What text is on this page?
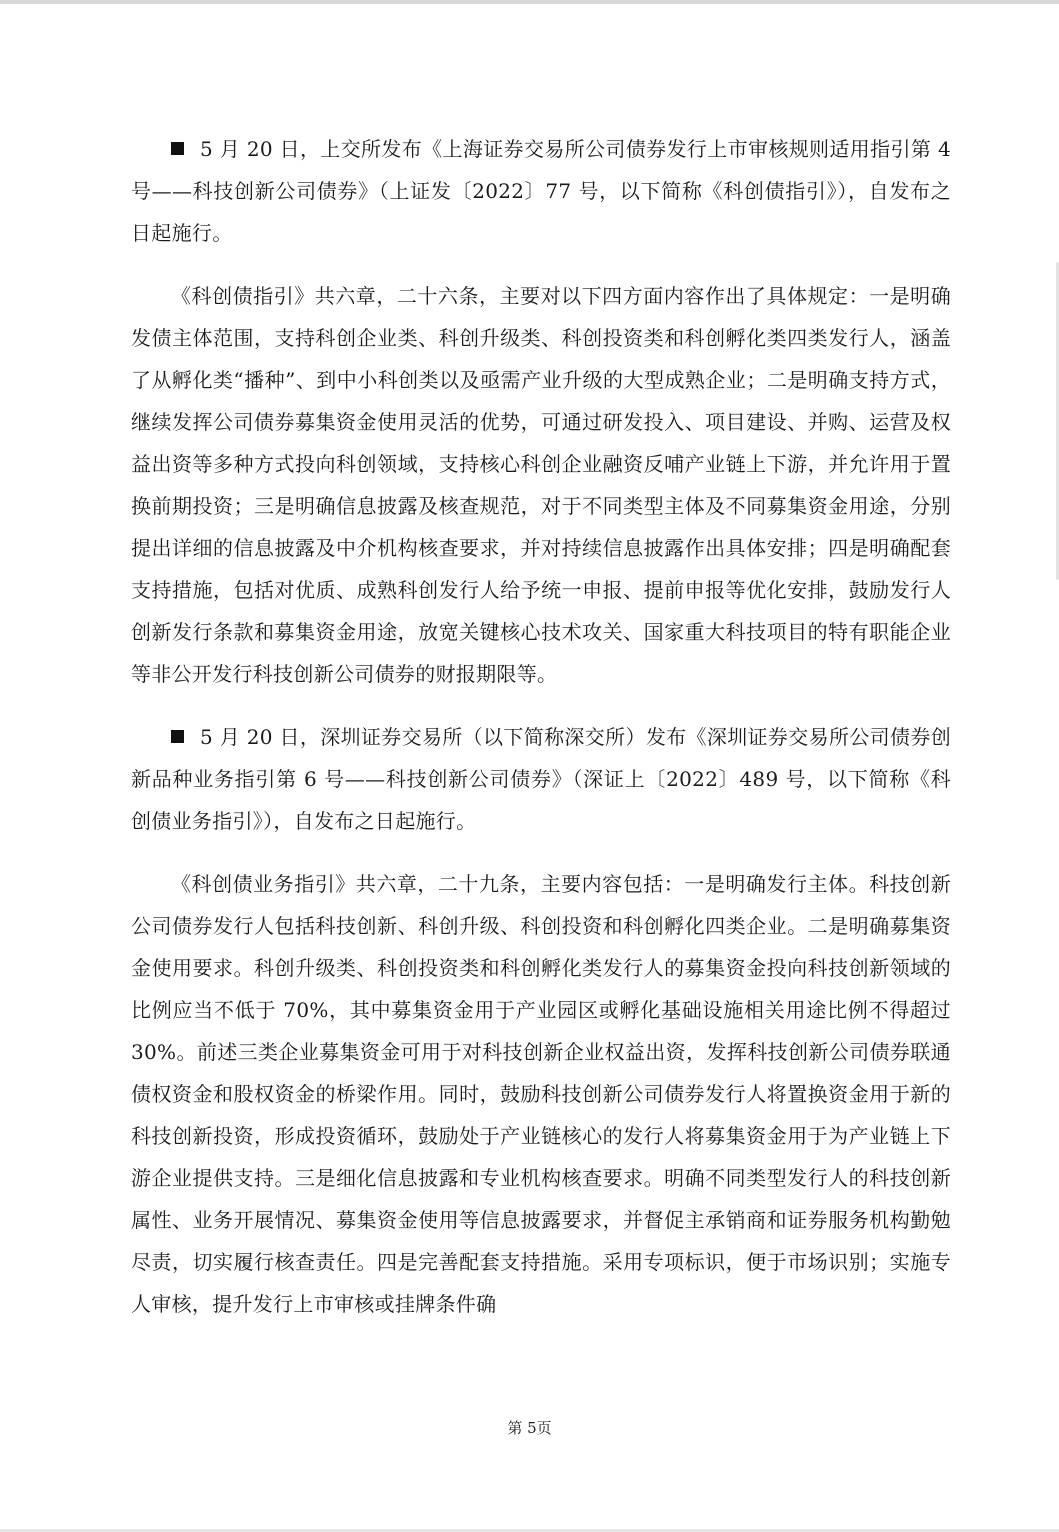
5 月 20 日，上交所发布《上海证券交易所公司债券发行上市审核规则适用指引第 4 号——科技创新公司债券》（上证发〔2022〕77 号，以下简称《科创债指引》），自发布之日起施行。

《科创债指引》共六章，二十六条，主要对以下四方面内容作出了具体规定：一是明确发债主体范围，支持科创企业类、科创升级类、科创投资类和科创孵化类四类发行人，涵盖了从孵化类“播种”、到中小科创类以及亟需产业升级的大型成熟企业；二是明确支持方式，继续发挥公司债券募集资金使用灵活的优势，可通过研发投入、项目建设、并购、运营及权益出资等多种方式投向科创领域，支持核心科创企业融资反哺产业链上下游，并允许用于置换前期投资；三是明确信息披露及核查规范，对于不同类型主体及不同募集资金用途，分别提出详细的信息披露及中介机构核查要求，并对持续信息披露作出具体安排；四是明确配套支持措施，包括对优质、成熟科创发行人给予统一申报、提前申报等优化安排，鼓励发行人创新发行条款和募集资金用途，放宽关键核心技术攻关、国家重大科技项目的特有职能企业等非公开发行科技创新公司债券的财报期限等。

5 月 20 日，深圳证券交易所（以下简称深交所）发布《深圳证券交易所公司债券创新品种业务指引第 6 号——科技创新公司债券》（深证上〔2022〕489 号，以下简称《科创债业务指引》），自发布之日起施行。

《科创债业务指引》共六章，二十九条，主要内容包括：一是明确发行主体。科技创新公司债券发行人包括科技创新、科创升级、科创投资和科创孵化四类企业。二是明确募集资金使用要求。科创升级类、科创投资类和科创孵化类发行人的募集资金投向科技创新领域的比例应当不低于 70%，其中募集资金用于产业园区或孵化基础设施相关用途比例不得超过 30%。前述三类企业募集资金可用于对科技创新企业权益出资，发挥科技创新公司债券联通债权资金和股权资金的桥梁作用。同时，鼓励科技创新公司债券发行人将置换资金用于新的科技创新投资，形成投资循环，鼓励处于产业链核心的发行人将募集资金用于为产业链上下游企业提供支持。三是细化信息披露和专业机构核查要求。明确不同类型发行人的科技创新属性、业务开展情况、募集资金使用等信息披露要求，并督促主承销商和证券服务机构勤勉尽责，切实履行核查责任。四是完善配套支持措施。采用专项标识，便于市场识别；实施专人审核，提升发行上市审核或挂牌条件确

第 5页
